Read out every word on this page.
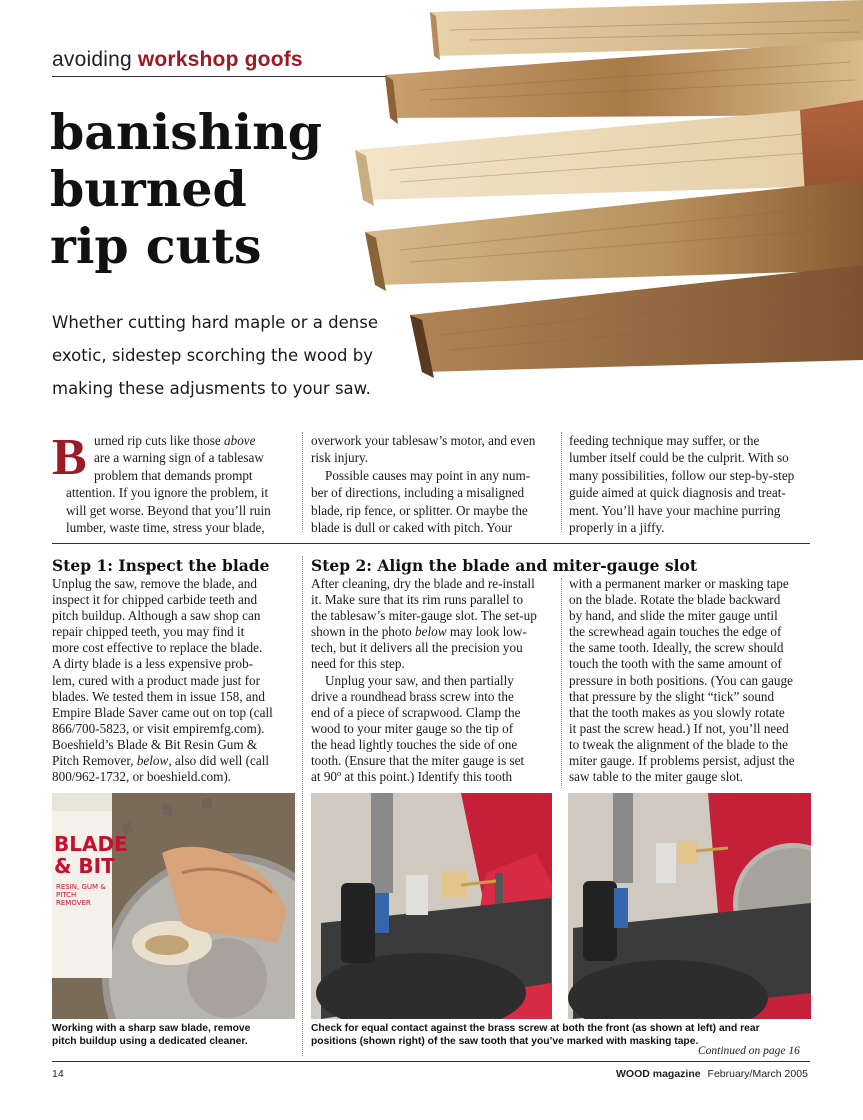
avoiding workshop goofs
banishing
burned
rip cuts
Whether cutting hard maple or a dense
exotic, sidestep scorching the wood by
making these adjusments to your saw.
B urned rip cuts like those above
are a warning sign of a tablesaw
problem that demands prompt
attention. If you ignore the problem, it
will get worse. Beyond that you’ll ruin
lumber, waste time, stress your blade,
overwork your tablesaw’s motor, and even
risk injury.
Possible causes may point in any num-
ber of directions, including a misaligned
blade, rip fence, or splitter. Or maybe the
blade is dull or caked with pitch. Your
feeding technique may suffer, or the
lumber itself could be the culprit. With so
many possibilities, follow our step-by-step
guide aimed at quick diagnosis and treat-
ment. You’ll have your machine purring
properly in a jiffy.
Step 1: Inspect the blade
Unplug the saw, remove the blade, and
inspect it for chipped carbide teeth and
pitch buildup. Although a saw shop can
repair chipped teeth, you may find it
more cost effective to replace the blade.
A dirty blade is a less expensive prob-
lem, cured with a product made just for
blades. We tested them in issue 158, and
Empire Blade Saver came out on top (call
866/700-5823, or visit empiremfg.com).
Boeshield’s Blade & Bit Resin Gum &
Pitch Remover, below, also did well (call
800/962-1732, or boeshield.com).
BLADE
& BIT
RESIN, GUM &
PITCH
REMOVER
Working with a sharp saw blade, remove
pitch buildup using a dedicated cleaner.
Step 2: Align the blade and miter-gauge slot
After cleaning, dry the blade and re-install
it. Make sure that its rim runs parallel to
the tablesaw’s miter-gauge slot. The set-up
shown in the photo below may look low-
tech, but it delivers all the precision you
need for this step.
Unplug your saw, and then partially
drive a roundhead brass screw into the
end of a piece of scrapwood. Clamp the
wood to your miter gauge so the tip of
the head lightly touches the side of one
tooth. (Ensure that the miter gauge is set
at 90º at this point.) Identify this tooth
with a permanent marker or masking tape
on the blade. Rotate the blade backward
by hand, and slide the miter gauge until
the screwhead again touches the edge of
the same tooth. Ideally, the screw should
touch the tooth with the same amount of
pressure in both positions. (You can gauge
that pressure by the slight “tick” sound
that the tooth makes as you slowly rotate
it past the screw head.) If not, you’ll need
to tweak the alignment of the blade to the
miter gauge. If problems persist, adjust the
saw table to the miter gauge slot.
Check for equal contact against the brass screw at both the front (as shown at left) and rear
positions (shown right) of the saw tooth that you’ve marked with masking tape.
Continued on page 16
14	WOOD magazine February/March 2005
